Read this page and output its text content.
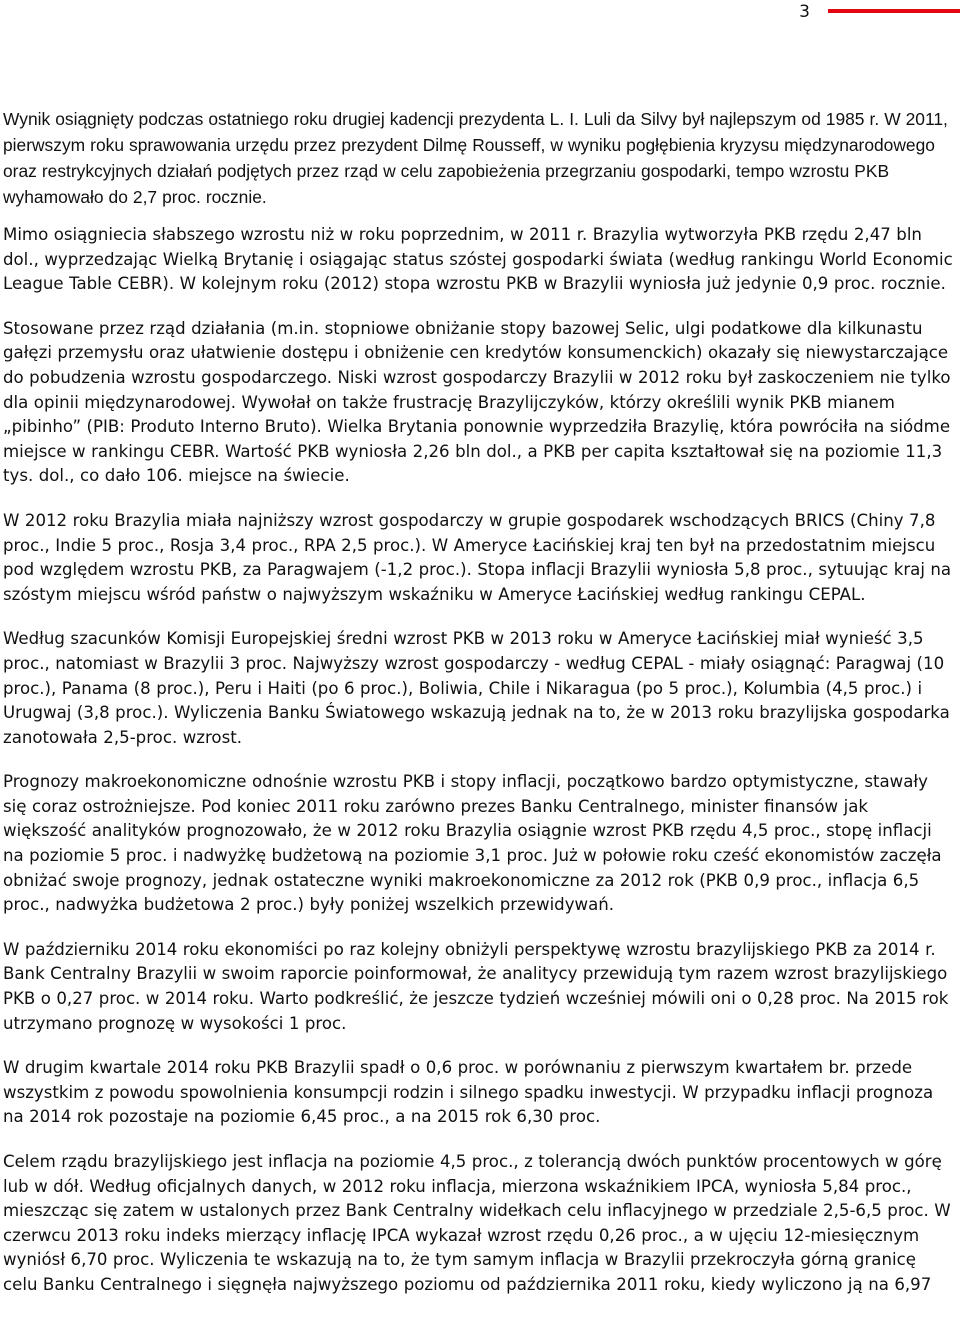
3

Wynik osiągnięty podczas ostatniego roku drugiej kadencji prezydenta L. I. Luli da Silvy był najlepszym od 1985 r. W 2011, pierwszym roku sprawowania urzędu przez prezydent Dilmę Rousseff, w wyniku pogłębienia kryzysu międzynarodowego oraz restrykcyjnych działań podjętych przez rząd w celu zapobieżenia przegrzaniu gospodarki, tempo wzrostu PKB wyhamowało do 2,7 proc. rocznie.

Mimo osiągniecia słabszego wzrostu niż w roku poprzednim, w 2011 r. Brazylia wytworzyła PKB rzędu 2,47 bln dol., wyprzedzając Wielką Brytanię i osiągając status szóstej gospodarki świata (według rankingu World Economic League Table CEBR). W kolejnym roku (2012) stopa wzrostu PKB w Brazylii wyniosła już jedynie 0,9 proc. rocznie.

Stosowane przez rząd działania (m.in. stopniowe obniżanie stopy bazowej Selic, ulgi podatkowe dla kilkunastu gałęzi przemysłu oraz ułatwienie dostępu i obniżenie cen kredytów konsumenckich) okazały się niewystarczające do pobudzenia wzrostu gospodarczego. Niski wzrost gospodarczy Brazylii w 2012 roku był zaskoczeniem nie tylko dla opinii międzynarodowej. Wywołał on także frustrację Brazylijczyków, którzy określili wynik PKB mianem „pibinho” (PIB: Produto Interno Bruto). Wielka Brytania ponownie wyprzedziła Brazylię, która powróciła na siódme miejsce w rankingu CEBR. Wartość PKB wyniosła 2,26 bln dol., a PKB per capita kształtował się na poziomie 11,3 tys. dol., co dało 106. miejsce na świecie.

W 2012 roku Brazylia miała najniższy wzrost gospodarczy w grupie gospodarek wschodzących BRICS (Chiny 7,8 proc., Indie 5 proc., Rosja 3,4 proc., RPA 2,5 proc.). W Ameryce Łacińskiej kraj ten był na przedostatnim miejscu pod względem wzrostu PKB, za Paragwajem (-1,2 proc.). Stopa inflacji Brazylii wyniosła 5,8 proc., sytuując kraj na szóstym miejscu wśród państw o najwyższym wskaźniku w Ameryce Łacińskiej według rankingu CEPAL.

Według szacunków Komisji Europejskiej średni wzrost PKB w 2013 roku w Ameryce Łacińskiej miał wynieść 3,5 proc., natomiast w Brazylii 3 proc. Najwyższy wzrost gospodarczy - według CEPAL - miały osiągnąć: Paragwaj (10 proc.), Panama (8 proc.), Peru i Haiti (po 6 proc.), Boliwia, Chile i Nikaragua (po 5 proc.), Kolumbia (4,5 proc.) i Urugwaj (3,8 proc.). Wyliczenia Banku Światowego wskazują jednak na to, że w 2013 roku brazylijska gospodarka zanotowała 2,5-proc. wzrost.

Prognozy makroekonomiczne odnośnie wzrostu PKB i stopy inflacji, początkowo bardzo optymistyczne, stawały się coraz ostrożniejsze. Pod koniec 2011 roku zarówno prezes Banku Centralnego, minister finansów jak większość analityków prognozowało, że w 2012 roku Brazylia osiągnie wzrost PKB rzędu 4,5 proc., stopę inflacji na poziomie 5 proc. i nadwyżkę budżetową na poziomie 3,1 proc. Już w połowie roku cześć ekonomistów zaczęła obniżać swoje prognozy, jednak ostateczne wyniki makroekonomiczne za 2012 rok (PKB 0,9 proc., inflacja 6,5 proc., nadwyżka budżetowa 2 proc.) były poniżej wszelkich przewidywań.

W październiku 2014 roku ekonomiści po raz kolejny obniżyli perspektywę wzrostu brazylijskiego PKB za 2014 r. Bank Centralny Brazylii w swoim raporcie poinformował, że analitycy przewidują tym razem wzrost brazylijskiego PKB o 0,27 proc. w 2014 roku. Warto podkreślić, że jeszcze tydzień wcześniej mówili oni o 0,28 proc. Na 2015 rok utrzymano prognozę w wysokości 1 proc.

W drugim kwartale 2014 roku PKB Brazylii spadł o 0,6 proc. w porównaniu z pierwszym kwartałem br. przede wszystkim z powodu spowolnienia konsumpcji rodzin i silnego spadku inwestycji. W przypadku inflacji prognoza na 2014 rok pozostaje na poziomie 6,45 proc., a na 2015 rok 6,30 proc.

Celem rządu brazylijskiego jest inflacja na poziomie 4,5 proc., z tolerancją dwóch punktów procentowych w górę lub w dół. Według oficjalnych danych, w 2012 roku inflacja, mierzona wskaźnikiem IPCA, wyniosła 5,84 proc., mieszcząc się zatem w ustalonych przez Bank Centralny widełkach celu inflacyjnego w przedziale 2,5-6,5 proc. W czerwcu 2013 roku indeks mierzący inflację IPCA wykazał wzrost rzędu 0,26 proc., a w ujęciu 12-miesięcznym wyniósł 6,70 proc. Wyliczenia te wskazują na to, że tym samym inflacja w Brazylii przekroczyła górną granicę celu Banku Centralnego i sięgnęła najwyższego poziomu od października 2011 roku, kiedy wyliczono ją na 6,97
